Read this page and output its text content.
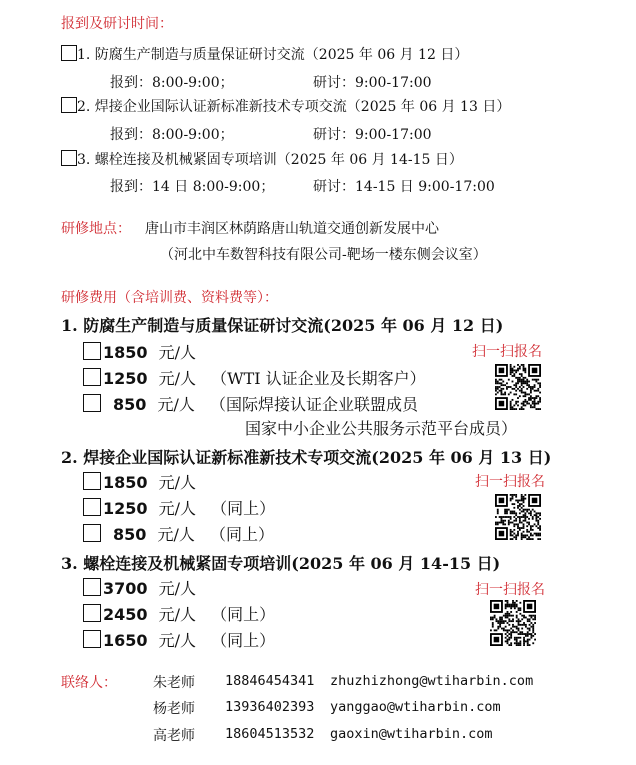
报到及研讨时间：
1. 防腐生产制造与质量保证研讨交流（2025 年 06 月 12 日）
报到：8:00-9:00；	研讨：9:00-17:00
2. 焊接企业国际认证新标准新技术专项交流（2025 年 06 月 13 日）
报到：8:00-9:00；	研讨：9:00-17:00
3. 螺栓连接及机械紧固专项培训（2025 年 06 月 14-15 日）
报到：14 日 8:00-9:00；	研讨：14-15 日 9:00-17:00
研修地点： 唐山市丰润区林荫路唐山轨道交通创新发展中心
（河北中车数智科技有限公司-靶场一楼东侧会议室）
研修费用（含培训费、资料费等）：
1. 防腐生产制造与质量保证研讨交流(2025 年 06 月 12 日)
1850 元/人
1250 元/人 （WTI 认证企业及长期客户）
850 元/人 （国际焊接认证企业联盟成员
国家中小企业公共服务示范平台成员）
扫一扫报名
2. 焊接企业国际认证新标准新技术专项交流(2025 年 06 月 13 日)
1850 元/人
1250 元/人 （同上）
850 元/人 （同上）
扫一扫报名
3. 螺栓连接及机械紧固专项培训(2025 年 06 月 14-15 日)
3700 元/人
2450 元/人 （同上）
1650 元/人 （同上）
扫一扫报名
联络人：	朱老师 18846454341 zhuzhizhong@wtiharbin.com
杨老师 13936402393 yanggao@wtiharbin.com
高老师 18604513532 gaoxin@wtiharbin.com
